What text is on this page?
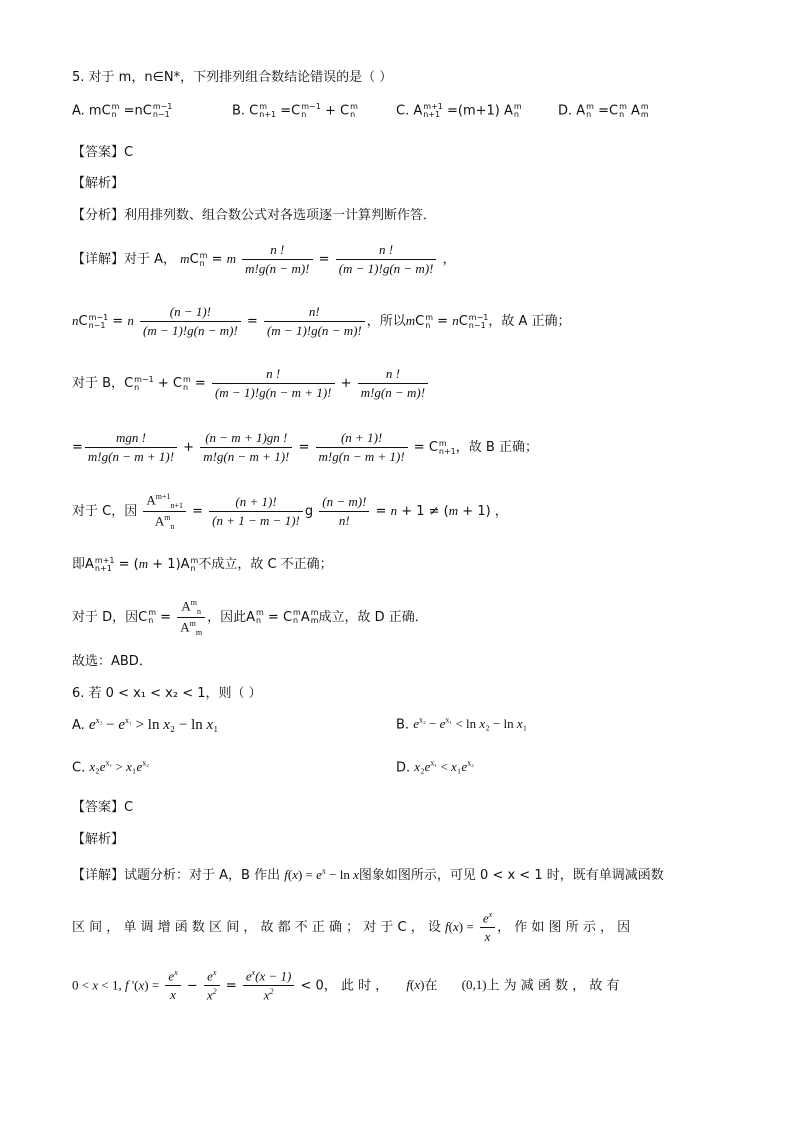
5. 对于 m，n∈N*，下列排列组合数结论错误的是（ ）
A. mC m
n =nC m−1
n−1	B. C m
n+1 =C m−1
n	+ C m
n	C. A m+1
n+1 =(m+1) A m
n	D. A m
n =C m
n A m
m
【答案】C
【解析】
【分析】利用排列数、组合数公式对各选项逐一计算判断作答．
【详解】对于 A， mC m
n = m $\frac{n !}{m!g(n - m)!} = \frac{n !}{(m - 1)!g(n - m)!}$ ，
nC m−1
n−1 = n $\frac{(n - 1)!}{(m - 1)!g(n - m)!} = \frac{n!}{(m - 1)!g(n - m)!}$ ，所以mC m
n = nC m−1
n−1 ，故 A 正确；
对于 B，C m−1
n	+ C m
$n = \frac{n !}{(m - 1)!g(n - m + 1)!} + \frac{n !}{m!g(n - m)!}$
= $\frac{\text{mgn !}}{m!g(n - m + 1)!} + \frac{(n - m + 1)gn !}{m!g(n - m + 1)!} = \frac{(n + 1)!}{m!g(n - m + 1)!} = C$ m
n+1 ，故 B 正确；
对于 C，因 $\frac{A^{m+1}_{n+1}}{A^m_n} = \frac{(n + 1)!}{(n + 1 - m - 1)!}$ g $\frac{(n - m)!}{n!} = n + 1 \ne (m + 1)$ ，
即A m+1
n+1 = (m + 1)A m
n 不成立，故 C 不正确；
对于 D，因C m
$n = \frac{A^m_n}{A^m_m}$ ，因此A m
n = C m
n A m
m 成立，故 D 正确．
故选：ABD．
6. 若 0 < x₁ < x₂ < 1，则（ ）
A. $e^{x_2} - e^{x_1} > \ln x_2 - \ln x_1$	B. $e^{x_2} - e^{x_1} < \ln x_2 - \ln x_1$
C. $x_2e^{x_1} > x_1e^{x_2}$	D. $x_2e^{x_1} < x_1e^{x_2}$
【答案】C
【解析】
【详解】试题分析：对于 A，B 作出 $f(x) = e^x - \ln x$图象如图所示，可见 0 < x < 1 时，既有单调减函数
区 间 ， 单 调 增 函 数 区 间 ， 故 都 不 正 确 ； 对 于 C ， 设 $f(x) = \frac{e^x}{x}$ ， 作 如 图 所 示 ， 因
0 < x < 1, f '$(x) = \frac{e^x}{x} - \frac{e^x}{x^2} = \frac{e^x(x - 1)}{x^2} < 0$， 此 时 ， f(x)在 (0,1)上 为 减 函 数 ， 故 有
